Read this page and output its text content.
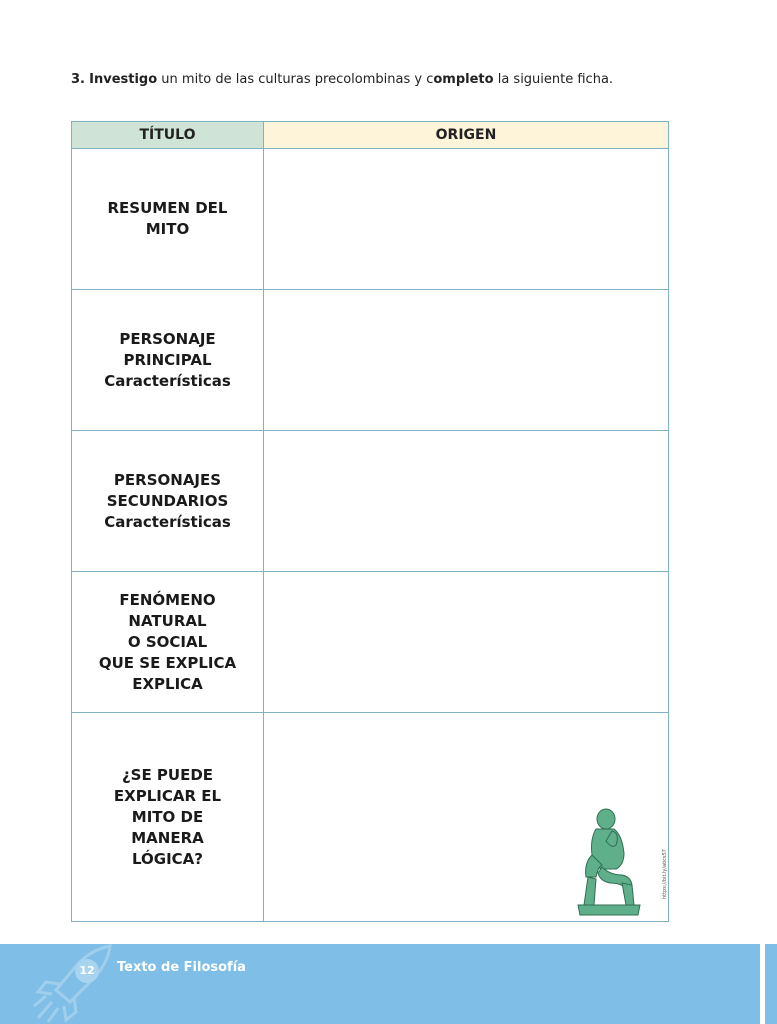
3. Investigo un mito de las culturas precolombinas y completo la siguiente ficha.

TÍTULO	ORIGEN

RESUMEN DEL
MITO	

PERSONAJE
PRINCIPAL
Características	

PERSONAJES
SECUNDARIOS
Características	

FENÓMENO
NATURAL
O SOCIAL
QUE SE EXPLICA
EXPLICA	

¿SE PUEDE
EXPLICAR EL
MITO DE
MANERA
LÓGICA?	https://bit.ly/abcs57
12	Texto de Filosofía
